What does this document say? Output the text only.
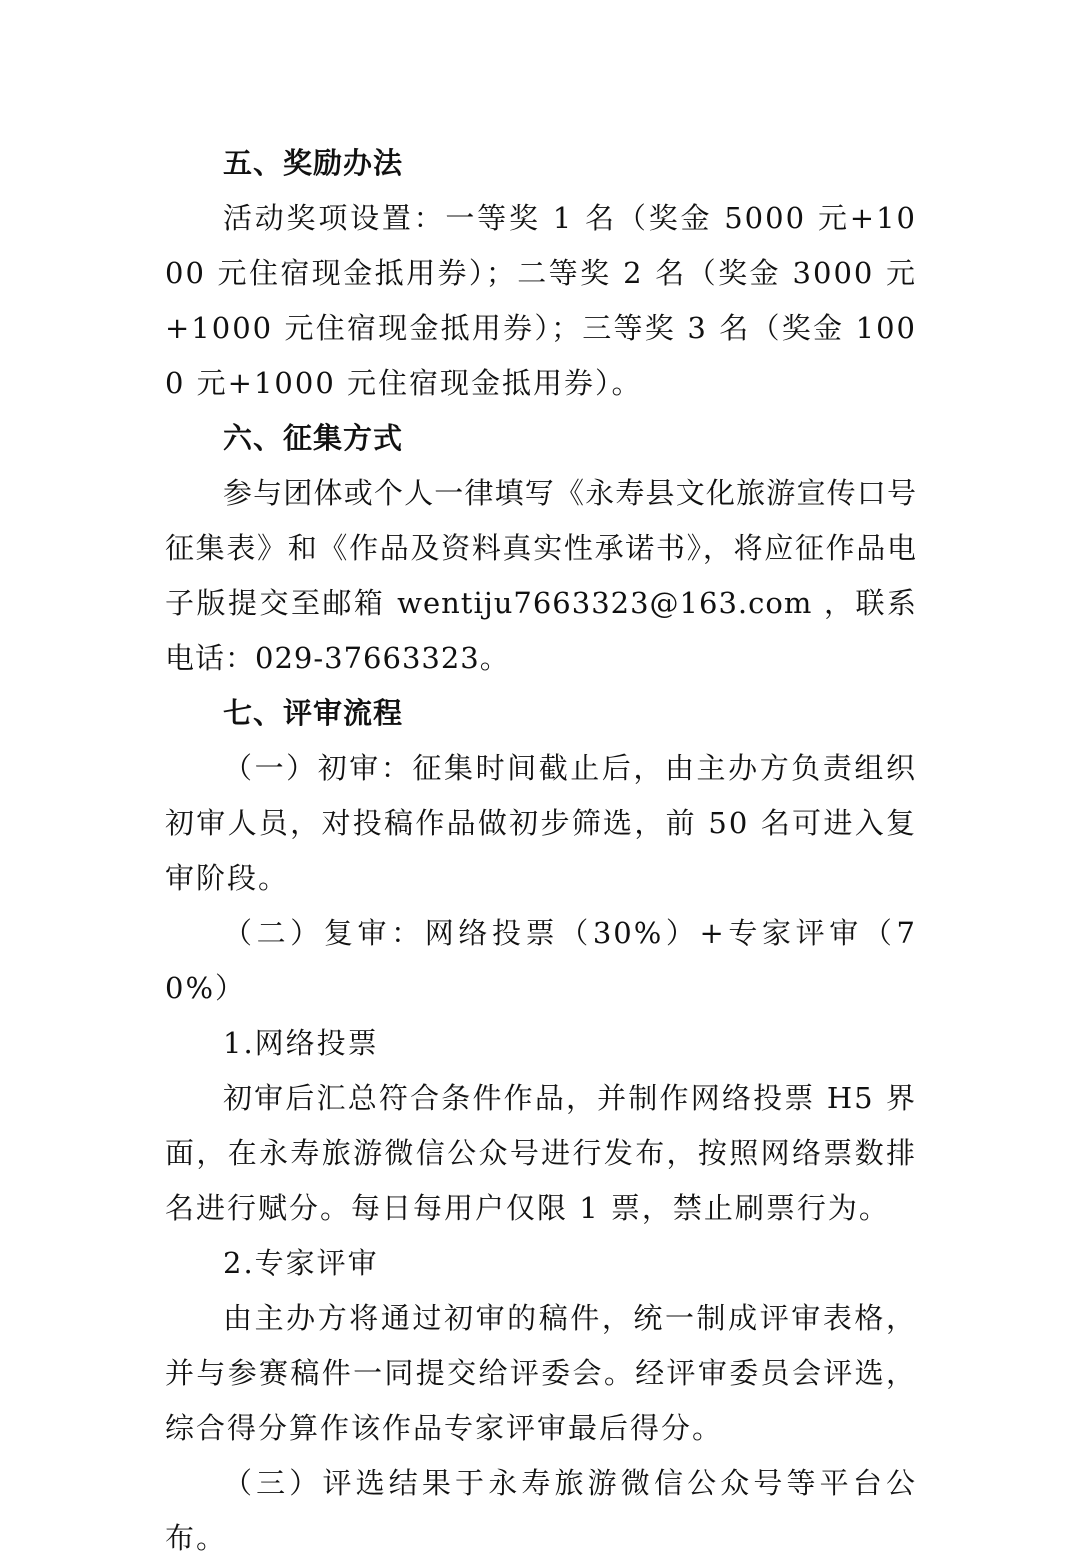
五、奖励办法

活动奖项设置：一等奖 1 名（奖金 5000 元+1000 元住宿现金抵用券）；二等奖 2 名（奖金 3000 元+1000 元住宿现金抵用券）；三等奖 3 名（奖金 1000 元+1000 元住宿现金抵用券）。

六、征集方式

参与团体或个人一律填写《永寿县文化旅游宣传口号征集表》和《作品及资料真实性承诺书》，将应征作品电子版提交至邮箱 wentiju7663323@163.com ，联系电话：029-37663323。

七、评审流程

（一）初审：征集时间截止后，由主办方负责组织初审人员，对投稿作品做初步筛选，前 50 名可进入复审阶段。

（二）复审：网络投票（30%）+专家评审（70%）

1.网络投票

初审后汇总符合条件作品，并制作网络投票 H5 界面，在永寿旅游微信公众号进行发布，按照网络票数排名进行赋分。每日每用户仅限 1 票，禁止刷票行为。

2.专家评审

由主办方将通过初审的稿件，统一制成评审表格，并与参赛稿件一同提交给评委会。经评审委员会评选，综合得分算作该作品专家评审最后得分。

（三）评选结果于永寿旅游微信公众号等平台公布。
